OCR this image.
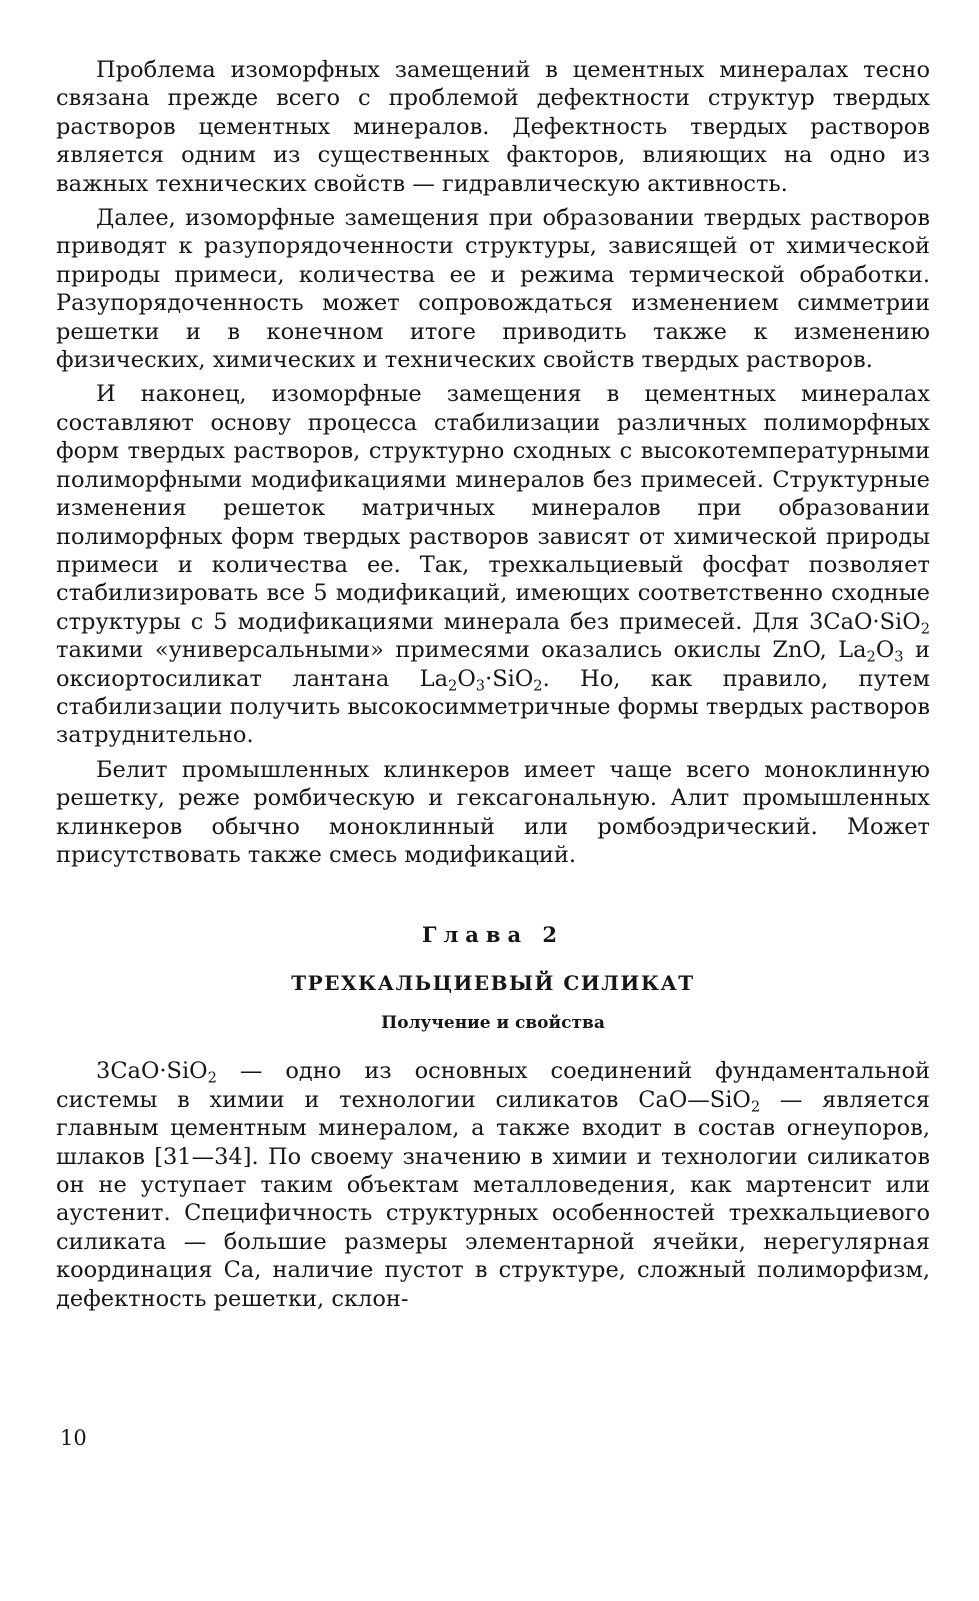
Проблема изоморфных замещений в цементных минералах тесно связана прежде всего с проблемой дефектности структур твердых растворов цементных минералов. Дефектность твердых растворов является одним из существенных факторов, влияющих на одно из важных технических свойств — гидравлическую активность.

Далее, изоморфные замещения при образовании твердых растворов приводят к разупорядоченности структуры, зависящей от химической природы примеси, количества ее и режима термической обработки. Разупорядоченность может сопровождаться изменением симметрии решетки и в конечном итоге приводить также к изменению физических, химических и технических свойств твердых растворов.

И наконец, изоморфные замещения в цементных минералах составляют основу процесса стабилизации различных полиморфных форм твердых растворов, структурно сходных с высокотемпературными полиморфными модификациями минералов без примесей. Структурные изменения решеток матричных минералов при образовании полиморфных форм твердых растворов зависят от химической природы примеси и количества ее. Так, трехкальциевый фосфат позволяет стабилизировать все 5 модификаций, имеющих соответственно сходные структуры с 5 модификациями минерала без примесей. Для 3CaO·SiO$_2$ такими «универсальными» примесями оказались окислы ZnO, $La_2O_3$ и оксиортосиликат лантана $La_2O_3\cdot SiO_2$. Но, как правило, путем стабилизации получить высокосимметричные формы твердых растворов затруднительно.

Белит промышленных клинкеров имеет чаще всего моноклинную решетку, реже ромбическую и гексагональную. Алит промышленных клинкеров обычно моноклинный или ромбоэдрический. Может присутствовать также смесь модификаций.

Глава 2
ТРЕХКАЛЬЦИЕВЫЙ СИЛИКАТ
Получение и свойства

3CaO·SiO$_2$ — одно из основных соединений фундаментальной системы в химии и технологии силикатов CaO—SiO$_2$ — является главным цементным минералом, а также входит в состав огнеупоров, шлаков [31—34]. По своему значению в химии и технологии силикатов он не уступает таким объектам металловедения, как мартенсит или аустенит. Специфичность структурных особенностей трехкальциевого силиката — большие размеры элементарной ячейки, нерегулярная координация Ca, наличие пустот в структуре, сложный полиморфизм, дефектность решетки, склон-

10
